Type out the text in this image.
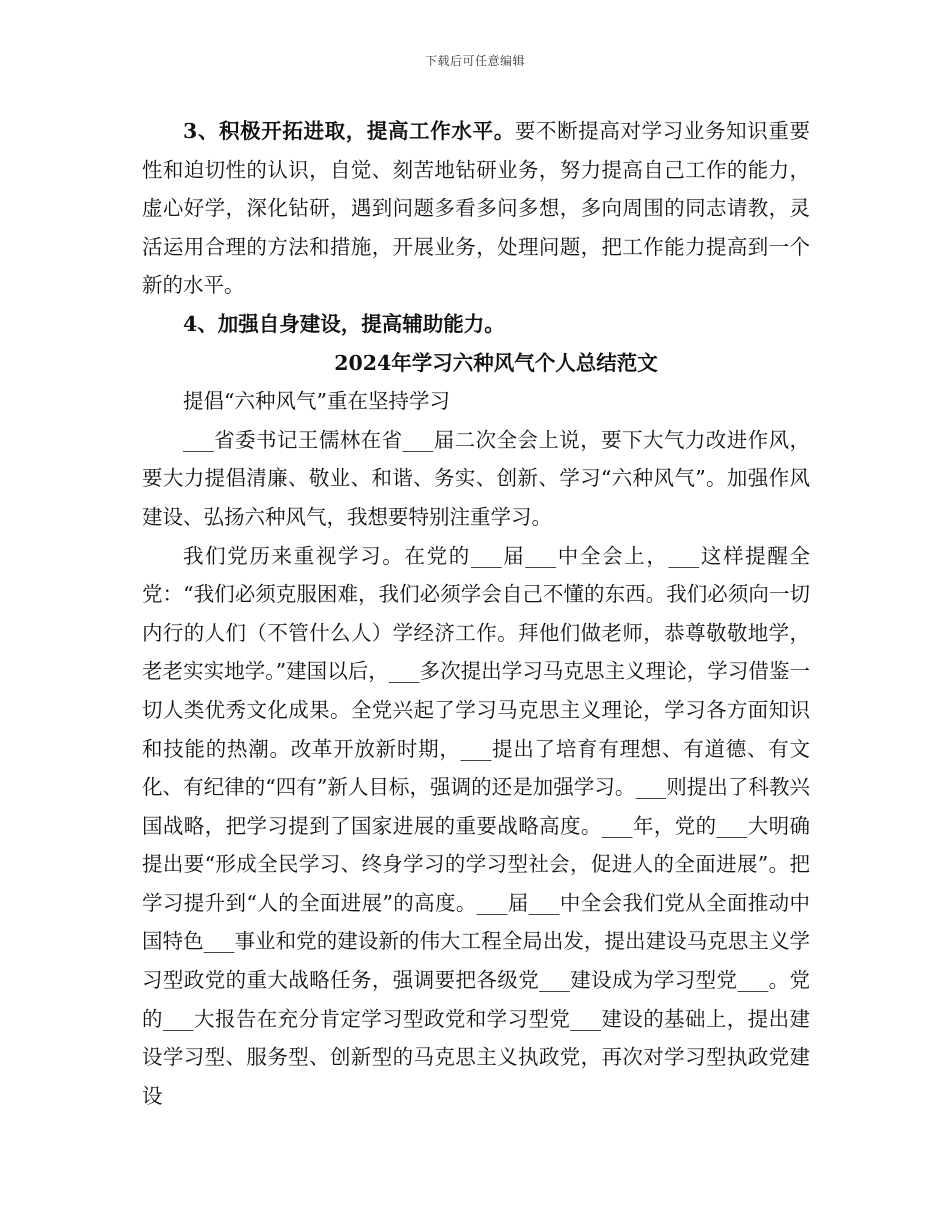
下载后可任意编辑

3、积极开拓进取，提高工作水平。要不断提高对学习业务知识重要性和迫切性的认识，自觉、刻苦地钻研业务，努力提高自己工作的能力，虚心好学，深化钻研，遇到问题多看多问多想，多向周围的同志请教，灵活运用合理的方法和措施，开展业务，处理问题，把工作能力提高到一个新的水平。

4、加强自身建设，提高辅助能力。

2024年学习六种风气个人总结范文

提倡“六种风气”重在坚持学习

___省委书记王儒林在省___届二次全会上说，要下大气力改进作风，要大力提倡清廉、敬业、和谐、务实、创新、学习“六种风气”。加强作风建设、弘扬六种风气，我想要特别注重学习。

我们党历来重视学习。在党的___届___中全会上，___这样提醒全党：“我们必须克服困难，我们必须学会自己不懂的东西。我们必须向一切内行的人们（不管什么人）学经济工作。拜他们做老师，恭尊敬敬地学，老老实实地学。”建国以后，___多次提出学习马克思主义理论，学习借鉴一切人类优秀文化成果。全党兴起了学习马克思主义理论，学习各方面知识和技能的热潮。改革开放新时期，___提出了培育有理想、有道德、有文化、有纪律的“四有”新人目标，强调的还是加强学习。___则提出了科教兴国战略，把学习提到了国家进展的重要战略高度。___年，党的___大明确提出要“形成全民学习、终身学习的学习型社会，促进人的全面进展”。把学习提升到“人的全面进展”的高度。___届___中全会我们党从全面推动中国特色___事业和党的建设新的伟大工程全局出发，提出建设马克思主义学习型政党的重大战略任务，强调要把各级党___建设成为学习型党___。党的___大报告在充分肯定学习型政党和学习型党___建设的基础上，提出建设学习型、服务型、创新型的马克思主义执政党，再次对学习型执政党建设
